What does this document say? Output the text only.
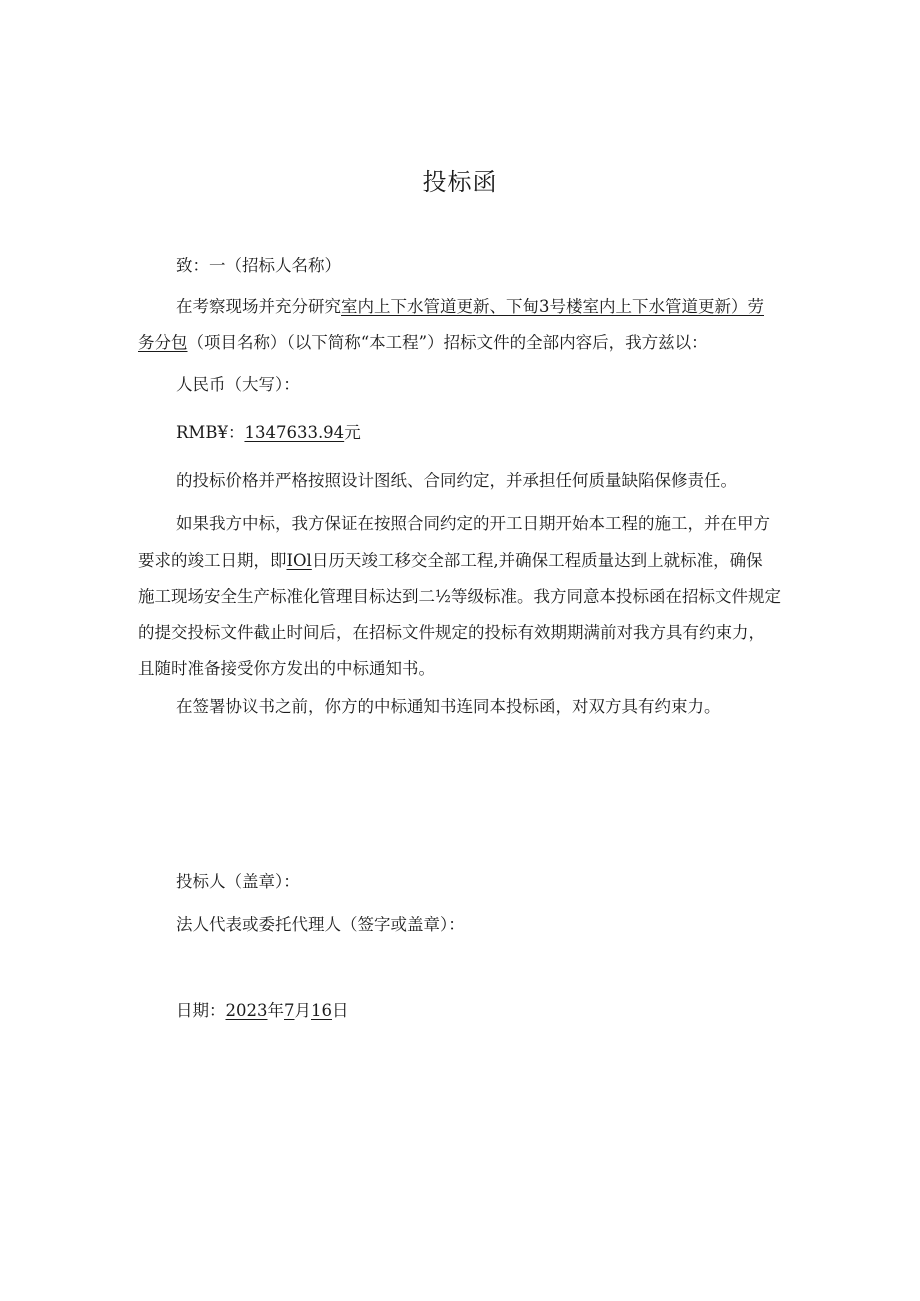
投标函
致：一（招标人名称）
在考察现场并充分研究室内上下水管道更新、下甸3号楼室内上下水管道更新）劳
务分包（项目名称）（以下简称“本工程”）招标文件的全部内容后，我方兹以：
人民币（大写）：
RMB¥：1347633.94元
的投标价格并严格按照设计图纸、合同约定，并承担任何质量缺陷保修责任。
如果我方中标，我方保证在按照合同约定的开工日期开始本工程的施工，并在甲方
要求的竣工日期，即IOl日历天竣工移交全部工程,并确保工程质量达到上就标准，确保
施工现场安全生产标准化管理目标达到二½等级标准。我方同意本投标函在招标文件规定
的提交投标文件截止时间后，在招标文件规定的投标有效期期满前对我方具有约束力，
且随时准备接受你方发出的中标通知书。
在签署协议书之前，你方的中标通知书连同本投标函，对双方具有约束力。
投标人（盖章）：
法人代表或委托代理人（签字或盖章）：
日期：2023年7月16日
